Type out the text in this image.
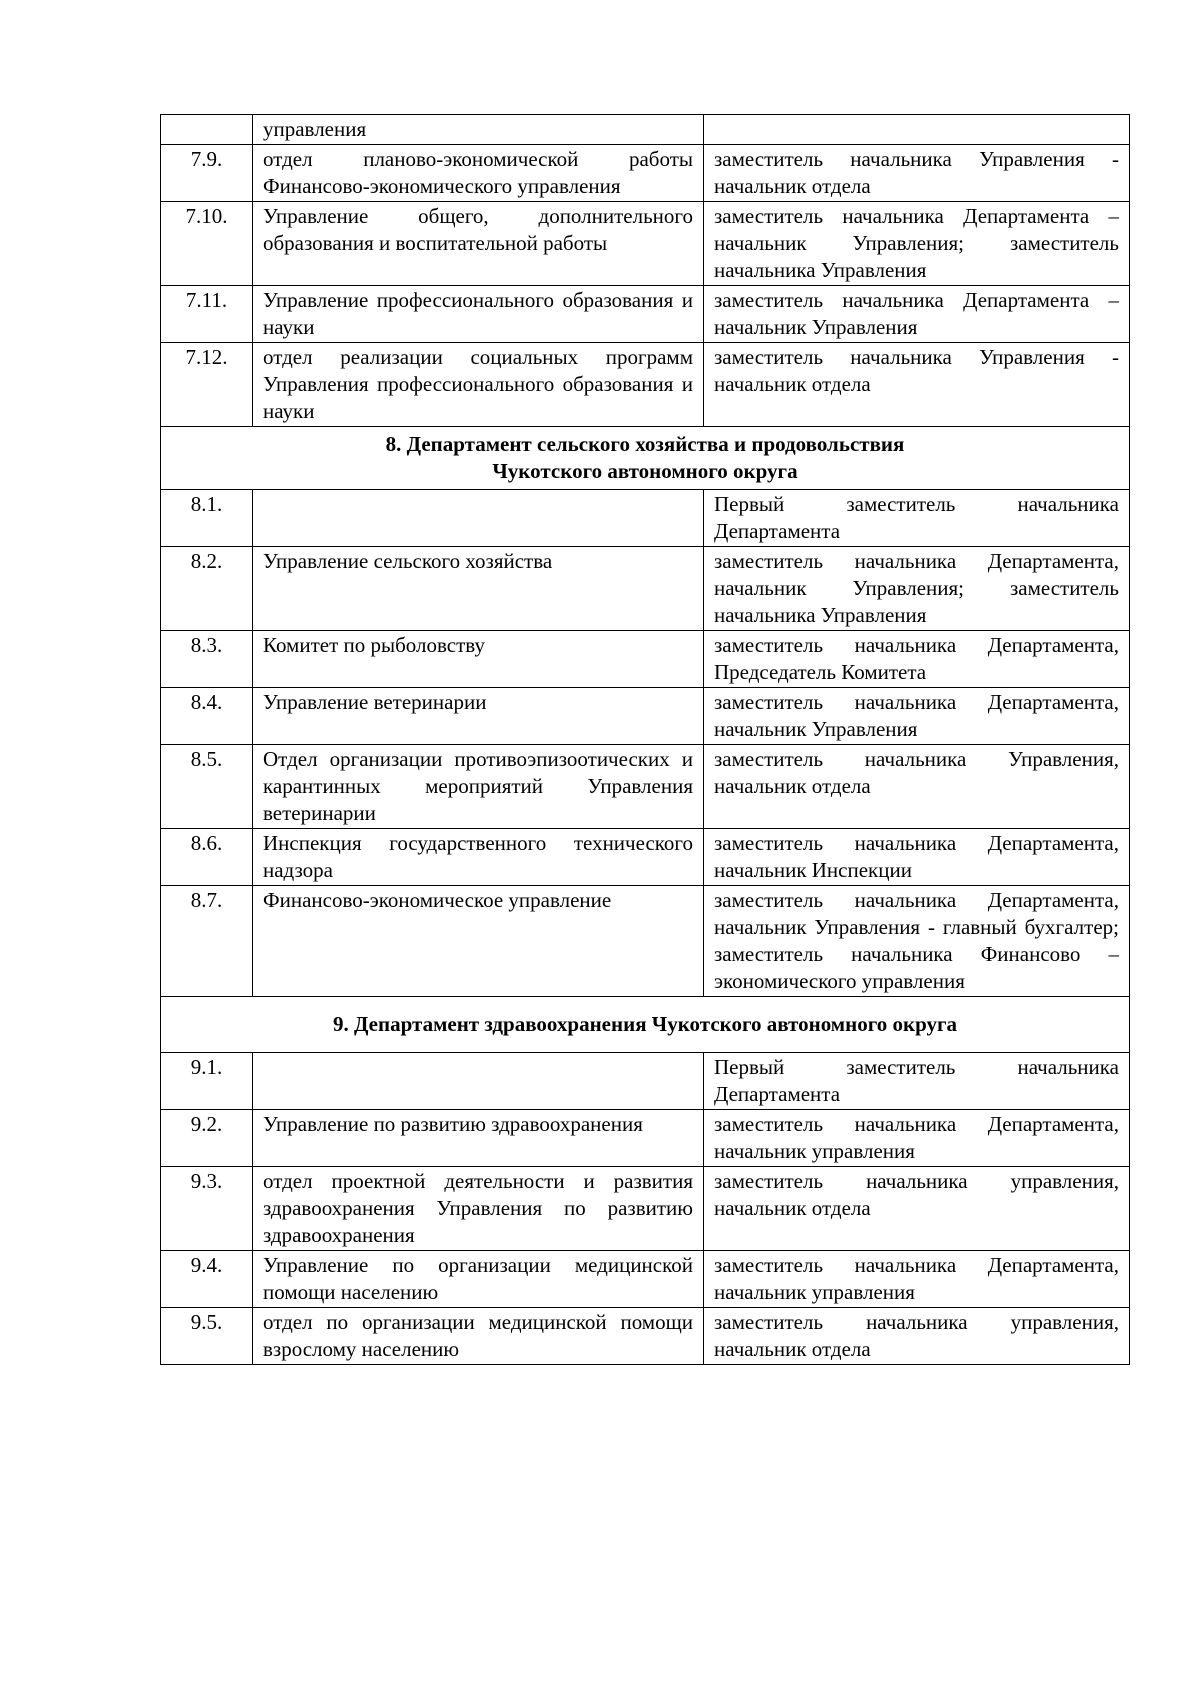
	управления	
7.9.	отдел планово-экономической работы Финансово-экономического управления	заместитель начальника Управления - начальник отдела
7.10.	Управление общего, дополнительного образования и воспитательной работы	заместитель начальника Департамента – начальник Управления; заместитель начальника Управления
7.11.	Управление профессионального образования и науки	заместитель начальника Департамента – начальник Управления
7.12.	отдел реализации социальных программ Управления профессионального образования и науки	заместитель начальника Управления - начальник отдела

8. Департамент сельского хозяйства и продовольствия
Чукотского автономного округа		

8.1.		Первый заместитель начальника Департамента
8.2.	Управление сельского хозяйства	заместитель начальника Департамента, начальник Управления; заместитель начальника Управления
8.3.	Комитет по рыболовству	заместитель начальника Департамента, Председатель Комитета
8.4.	Управление ветеринарии	заместитель начальника Департамента, начальник Управления
8.5.	Отдел организации противоэпизоотических и карантинных мероприятий Управления ветеринарии	заместитель начальника Управления, начальник отдела
8.6.	Инспекция государственного технического надзора	заместитель начальника Департамента, начальник Инспекции
8.7.	Финансово-экономическое управление	заместитель начальника Департамента, начальник Управления - главный бухгалтер; заместитель начальника Финансово – экономического управления

9. Департамент здравоохранения Чукотского автономного округа		

9.1.		Первый заместитель начальника Департамента
9.2.	Управление по развитию здравоохранения	заместитель начальника Департамента, начальник управления
9.3.	отдел проектной деятельности и развития здравоохранения Управления по развитию здравоохранения	заместитель начальника управления, начальник отдела
9.4.	Управление по организации медицинской помощи населению	заместитель начальника Департамента, начальник управления
9.5.	отдел по организации медицинской помощи взрослому населению	заместитель начальника управления, начальник отдела
